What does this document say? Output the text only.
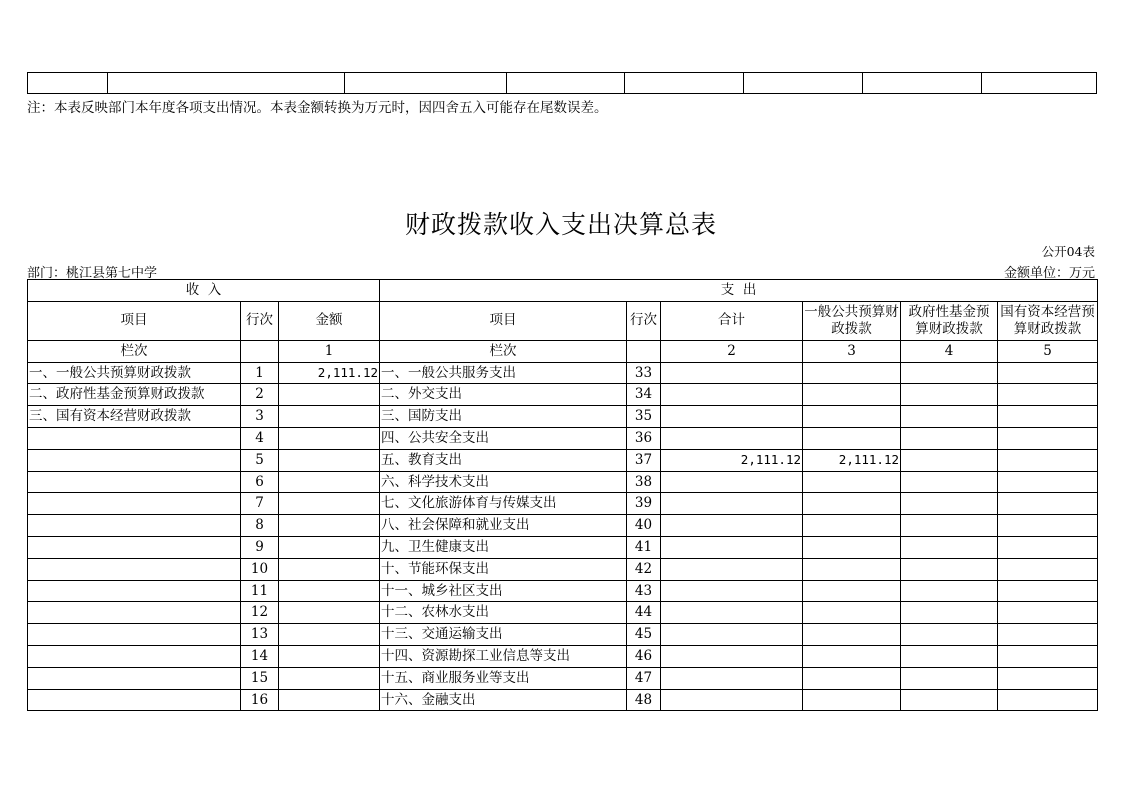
注：本表反映部门本年度各项支出情况。本表金额转换为万元时，因四舍五入可能存在尾数误差。
财政拨款收入支出决算总表
公开04表
部门：桃江县第七中学	金额单位：万元
收  入			支  出					
项目	行次	金额	项目	行次	合计	一般公共预算财政拨款	政府性基金预算财政拨款	国有资本经营预算财政拨款
栏次		1	栏次		2	3	4	5
一、一般公共预算财政拨款	1	2,111.12	一、一般公共服务支出	33				
二、政府性基金预算财政拨款	2		二、外交支出	34				
三、国有资本经营财政拨款	3		三、国防支出	35				
	4		四、公共安全支出	36				
	5		五、教育支出	37	2,111.12	2,111.12		
	6		六、科学技术支出	38				
	7		七、文化旅游体育与传媒支出	39				
	8		八、社会保障和就业支出	40				
	9		九、卫生健康支出	41				
	10		十、节能环保支出	42				
	11		十一、城乡社区支出	43				
	12		十二、农林水支出	44				
	13		十三、交通运输支出	45				
	14		十四、资源勘探工业信息等支出	46				
	15		十五、商业服务业等支出	47				
	16		十六、金融支出	48				
